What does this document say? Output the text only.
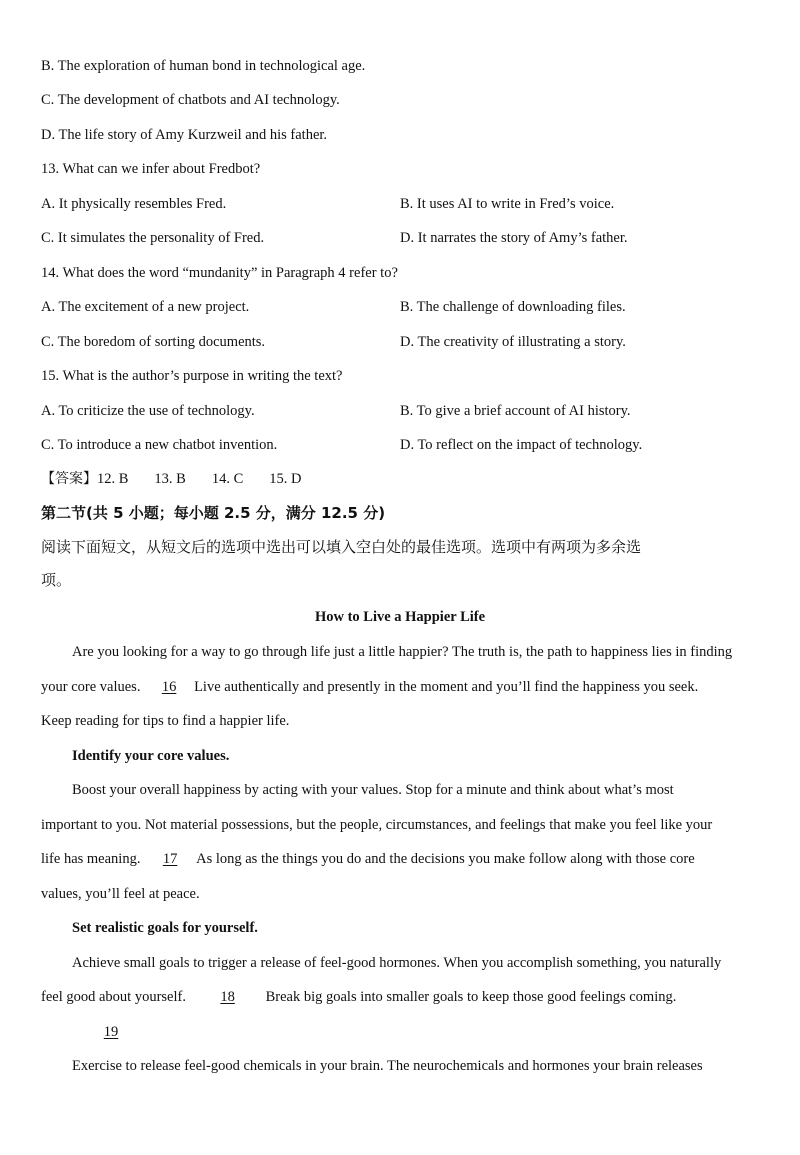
B. The exploration of human bond in technological age.
C. The development of chatbots and AI technology.
D. The life story of Amy Kurzweil and his father.
13. What can we infer about Fredbot?
A. It physically resembles Fred.	B. It uses AI to write in Fred’s voice.
C. It simulates the personality of Fred.	D. It narrates the story of Amy’s father.
14. What does the word “mundanity” in Paragraph 4 refer to?
A. The excitement of a new project.	B. The challenge of downloading files.
C. The boredom of sorting documents.	D. The creativity of illustrating a story.
15. What is the author’s purpose in writing the text?
A. To criticize the use of technology.	B. To give a brief account of AI history.
C. To introduce a new chatbot invention.	D. To reflect on the impact of technology.
【答案】12. B 13. B 14. C 15. D
第二节(共 5 小题；每小题 2.5 分，满分 12.5 分)
阅读下面短文，从短文后的选项中选出可以填入空白处的最佳选项。选项中有两项为多余选
项。
How to Live a Happier Life
Are you looking for a way to go through life just a little happier? The truth is, the path to happiness lies in finding
your core values. 16 Live authentically and presently in the moment and you’ll find the happiness you seek.
Keep reading for tips to find a happier life.
Identify your core values.
Boost your overall happiness by acting with your values. Stop for a minute and think about what’s most
important to you. Not material possessions, but the people, circumstances, and feelings that make you feel like your
life has meaning. 17 As long as the things you do and the decisions you make follow along with those core
values, you’ll feel at peace.
Set realistic goals for yourself.
Achieve small goals to trigger a release of feel-good hormones. When you accomplish something, you naturally
feel good about yourself. 18 Break big goals into smaller goals to keep those good feelings coming.
19
Exercise to release feel-good chemicals in your brain. The neurochemicals and hormones your brain releases
